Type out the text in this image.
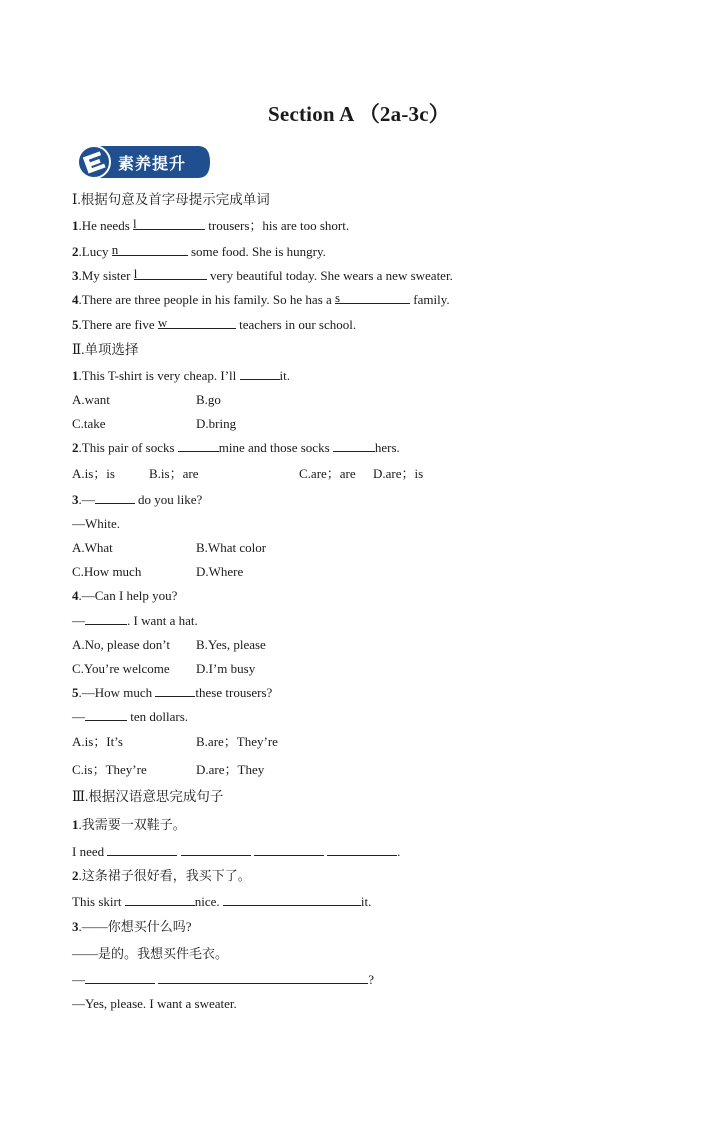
Section A （2a-3c）
素养提升
Ⅰ.根据句意及首字母提示完成单词
1.He needs l	trousers；his are too short.
2.Lucy n	some food. She is hungry.
3.My sister l	very beautiful today. She wears a new sweater.
4.There are three people in his family. So he has a s	family.
5.There are five w	teachers in our school.
Ⅱ.单项选择
1.This T-shirt is very cheap. I’ll	it.
A.want	B.go
C.take	D.bring
2.This pair of socks	mine and those socks	hers.
A.is；is	B.is；are	C.are；are D.are；is
3.—	do you like?
—White.
A.What	B.What color
C.How much	D.Where
4.—Can I help you?
—	. I want a hat.
A.No, please don’t B.Yes, please
C.You’re welcome D.I’m busy
5.—How much	these trousers?
—	ten dollars.
A.is；It’s	B.are；They’re
C.is；They’re	D.are；They
Ⅲ.根据汉语意思完成句子
1.我需要一双鞋子。
I need	.
2.这条裙子很好看，我买下了。
This skirt	nice.	it.
3.——你想买什么吗?
——是的。我想买件毛衣。
—	?
—Yes, please. I want a sweater.
